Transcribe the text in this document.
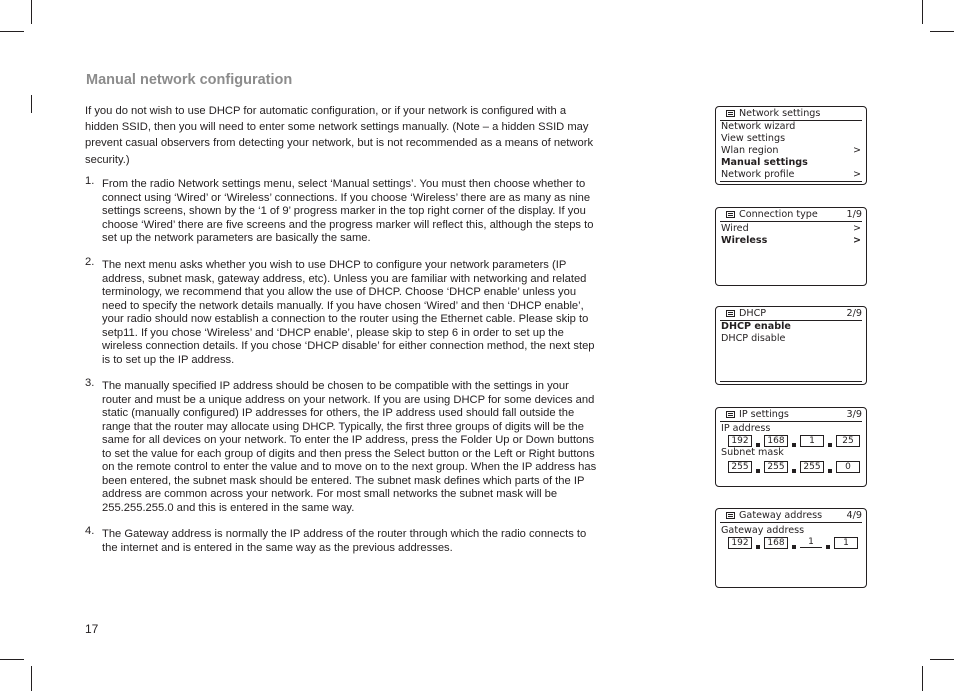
Manual network configuration
If you do not wish to use DHCP for automatic configuration, or if your network is configured with a hidden SSID, then you will need to enter some network settings manually. (Note – a hidden SSID may prevent casual observers from detecting your network, but is not recommended as a means of network security.)
1. From the radio Network settings menu, select ‘Manual settings’. You must then choose whether to connect using ‘Wired’ or ‘Wireless’ connections. If you choose ‘Wireless’ there are as many as nine settings screens, shown by the ‘1 of 9’ progress marker in the top right corner of the display. If you choose ‘Wired’ there are five screens and the progress marker will reflect this, although the steps to set up the network parameters are basically the same.
2. The next menu asks whether you wish to use DHCP to configure your network parameters (IP address, subnet mask, gateway address, etc). Unless you are familiar with networking and related terminology, we recommend that you allow the use of DHCP. Choose ‘DHCP enable’ unless you need to specify the network details manually. If you have chosen ‘Wired’ and then ‘DHCP enable’, your radio should now establish a connection to the router using the Ethernet cable. Please skip to setp11. If you chose ‘Wireless’ and ‘DHCP enable’, please skip to step 6 in order to set up the wireless connection details. If you chose ‘DHCP disable’ for either connection method, the next step is to set up the IP address.
3. The manually specified IP address should be chosen to be compatible with the settings in your router and must be a unique address on your network. If you are using DHCP for some devices and static (manually configured) IP addresses for others, the IP address used should fall outside the range that the router may allocate using DHCP. Typically, the first three groups of digits will be the same for all devices on your network. To enter the IP address, press the Folder Up or Down buttons to set the value for each group of digits and then press the Select button or the Left or Right buttons on the remote control to enter the value and to move on to the next group. When the IP address has been entered, the subnet mask should be entered. The subnet mask defines which parts of the IP address are common across your network. For most small networks the subnet mask will be 255.255.255.0 and this is entered in the same way.
4. The Gateway address is normally the IP address of the router through which the radio connects to the internet and is entered in the same way as the previous addresses.
17
Network settings
Network wizard
View settings
Wlan region	>
Manual settings
Network profile	>
Connection type	1/9
Wired	>
Wireless	>
DHCP	2/9
DHCP enable
DHCP disable
IP settings	3/9
IP address
192	168	1	25
Subnet mask
255	255	255	0
Gateway address	4/9
Gateway address
192	168	1	1
